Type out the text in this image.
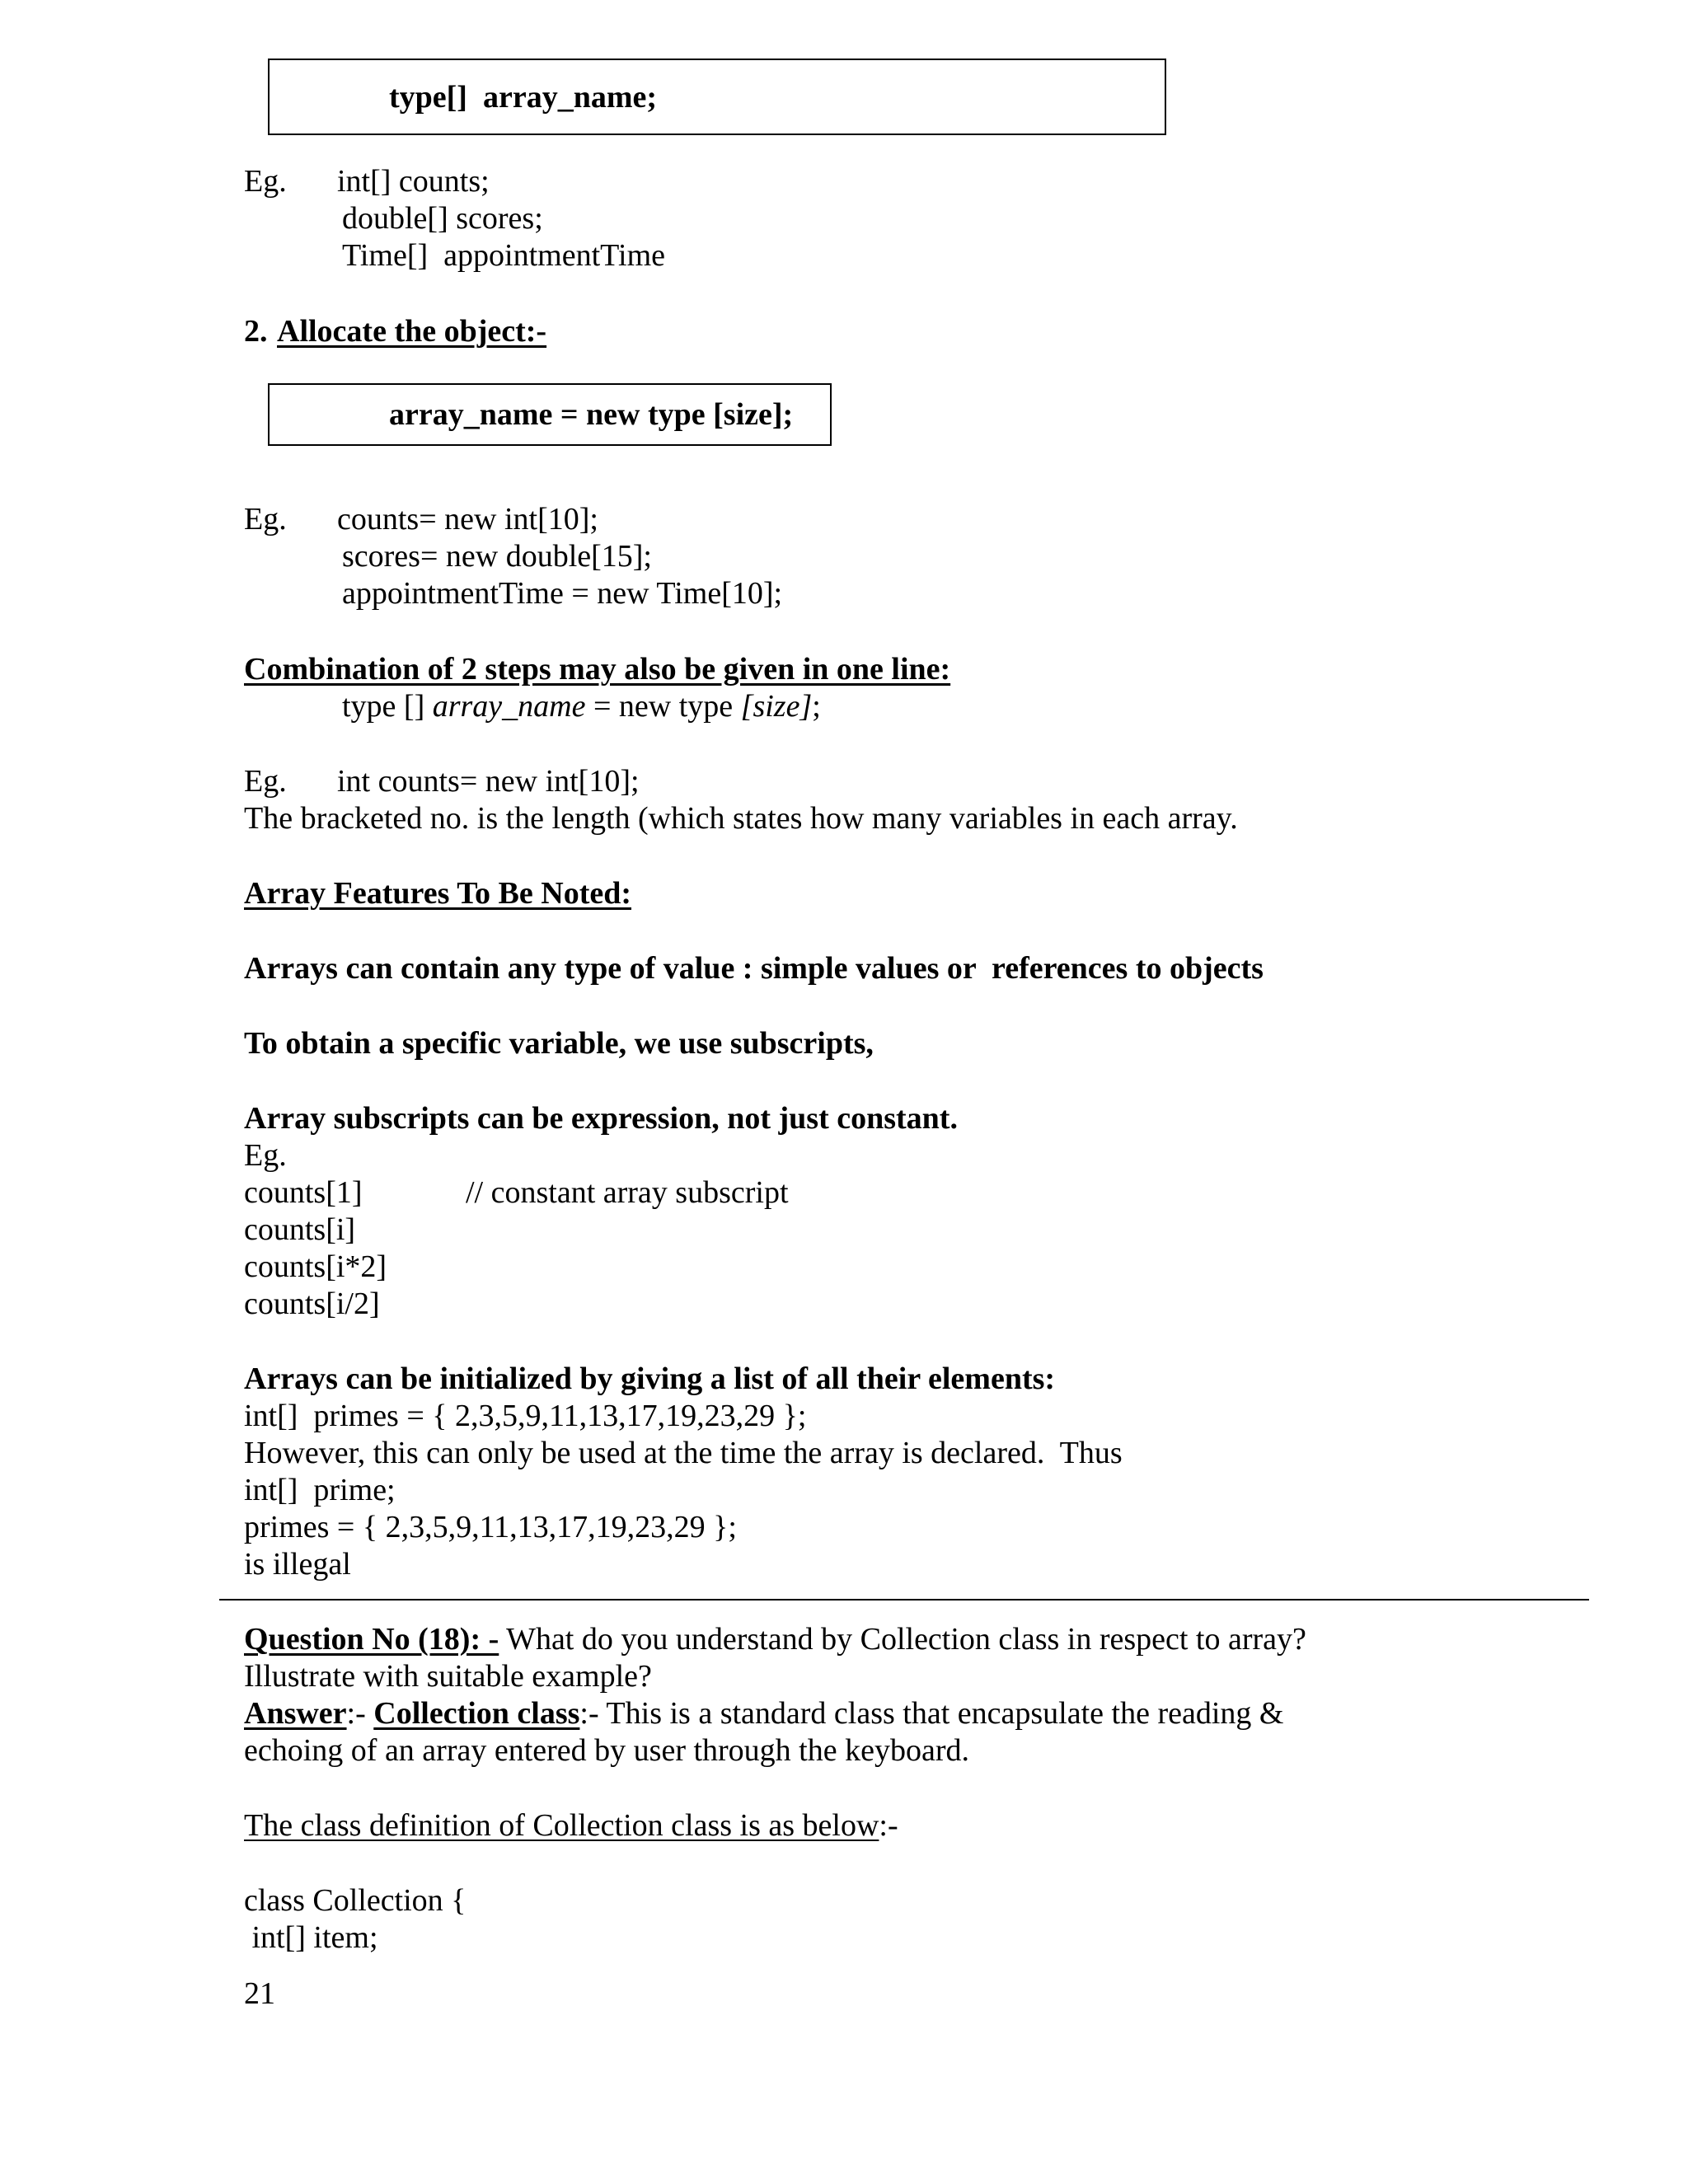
type[]  array_name;
Eg. int[] counts;
double[] scores;
Time[]  appointmentTime
2. Allocate the object:-
array_name = new type [size];
Eg. counts= new int[10];
scores= new double[15];
appointmentTime = new Time[10];
Combination of 2 steps may also be given in one line:
type [] array_name = new type [size];
Eg. int counts= new int[10];
The bracketed no. is the length (which states how many variables in each array.
Array Features To Be Noted:
Arrays can contain any type of value : simple values or  references to objects
To obtain a specific variable, we use subscripts,
Array subscripts can be expression, not just constant.
Eg.
counts[1]	// constant array subscript
counts[i]
counts[i*2]
counts[i/2]
Arrays can be initialized by giving a list of all their elements:
int[]  primes = { 2,3,5,9,11,13,17,19,23,29 };
However, this can only be used at the time the array is declared.  Thus
int[]  prime;
primes = { 2,3,5,9,11,13,17,19,23,29 };
is illegal
Question No (18): - What do you understand by Collection class in respect to array?
Illustrate with suitable example?
Answer:- Collection class:- This is a standard class that encapsulate the reading &
echoing of an array entered by user through the keyboard.
The class definition of Collection class is as below:-
class Collection {
int[] item;
21
